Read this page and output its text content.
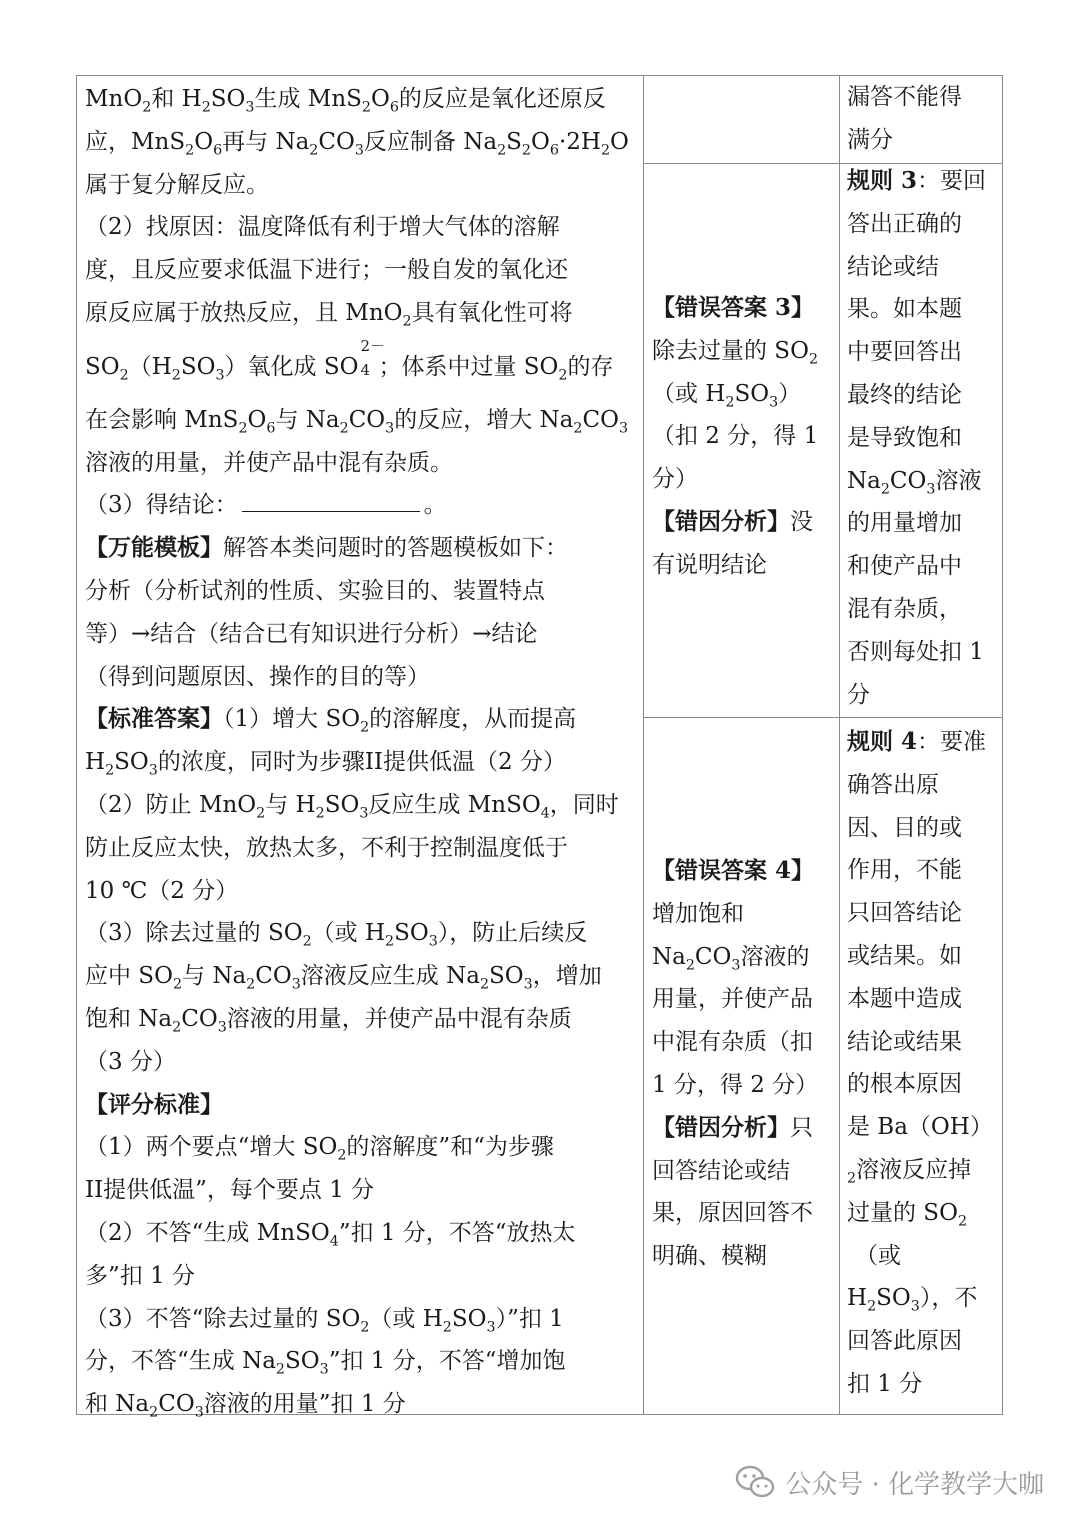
MnO$_2$和 $H_2SO_3$生成 $MnS_2O_6$的反应是氧化还原反
应，$MnS_2O_6$再与 $Na_2CO_3$反应制备 $Na_2S_2O_6\cdot 2H_2O$
属于复分解反应。
（2）找原因：温度降低有利于增大气体的溶解
度，且反应要求低温下进行；一般自发的氧化还
原反应属于放热反应，且 MnO$_2$具有氧化性可将
$SO_2(H_2SO_3)$氧化成 SO
2－
4 ；体系中过量 $SO_2$的存
在会影响 $MnS_2O_6$与 $Na_2CO_3$的反应，增大 $Na_2CO_3$
溶液的用量，并使产品中混有杂质。
（3）得结论：	。
【万能模板】解答本类问题时的答题模板如下：
分析（分析试剂的性质、实验目的、装置特点
等）→结合（结合已有知识进行分析）→结论
（得到问题原因、操作的目的等）
【标准答案】（1）增大 $SO_2$的溶解度，从而提高
$H_2SO_3$的浓度，同时为步骤II提供低温（2 分）
（2）防止 MnO$_2$与 $H_2SO_3$反应生成 MnSO$_4$，同时
防止反应太快，放热太多，不利于控制温度低于
10 ℃（2 分）
（3）除去过量的 $SO_2$（或 $H_2SO_3$），防止后续反
应中 $SO_2$与 $Na_2CO_3$溶液反应生成 $Na_2SO_3$，增加
饱和 $Na_2CO_3$溶液的用量，并使产品中混有杂质
（3 分）
【评分标准】
（1）两个要点“增大 $SO_2$的溶解度”和“为步骤
II提供低温”，每个要点 1 分
（2）不答“生成 MnSO$_4$”扣 1 分，不答“放热太
多”扣 1 分
（3）不答“除去过量的 $SO_2$（或 $H_2SO_3$）”扣 1
分，不答“生成 $Na_2SO_3$”扣 1 分，不答“增加饱
和 $Na_2CO_3$溶液的用量”扣 1 分
【错误答案 3】
除去过量的 $SO_2$
（或 $H_2SO_3$）
（扣 2 分，得 1
分）
【错因分析】没
有说明结论
【错误答案 4】
增加饱和
$Na_2CO_3$溶液的
用量，并使产品
中混有杂质（扣
1 分，得 2 分）
【错因分析】只
回答结论或结
果，原因回答不
明确、模糊
漏答不能得
满分
规则 3：要回
答出正确的
结论或结
果。如本题
中要回答出
最终的结论
是导致饱和
$Na_2CO_3$溶液
的用量增加
和使产品中
混有杂质，
否则每处扣 1
分
规则 4：要准
确答出原
因、目的或
作用，不能
只回答结论
或结果。如
本题中造成
结论或结果
的根本原因
是 Ba（OH）
$_2$溶液反应掉
过量的 $SO_2$
（或
$H_2SO_3$），不
回答此原因
扣 1 分
公众号 · 化学教学大咖
